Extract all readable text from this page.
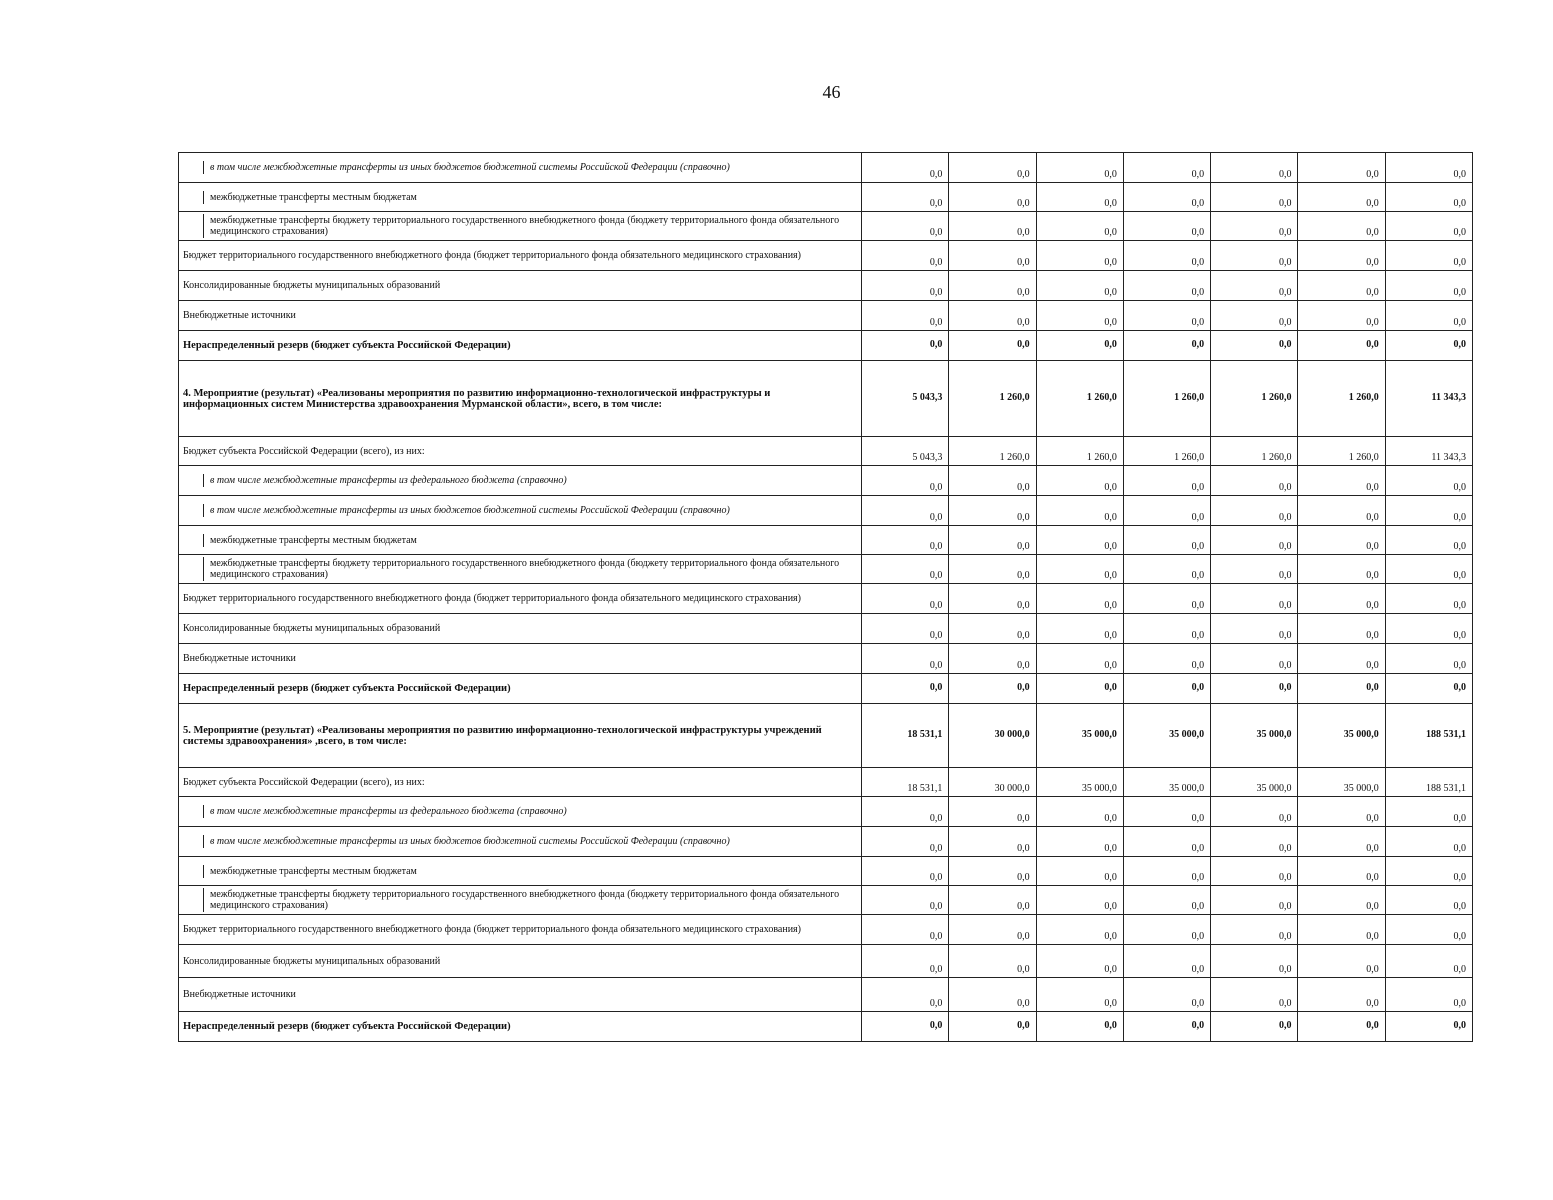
46
в том числе межбюджетные трансферты из иных бюджетов бюджетной системы Российской Федерации (справочно)	0,0	0,0	0,0	0,0	0,0	0,0	0,0

межбюджетные трансферты местным бюджетам	0,0	0,0	0,0	0,0	0,0	0,0	0,0

межбюджетные трансферты бюджету территориального государственного внебюджетного фонда (бюджету территориального фонда обязательного медицинского страхования)	0,0	0,0	0,0	0,0	0,0	0,0	0,0

Бюджет территориального государственного внебюджетного фонда (бюджет территориального фонда обязательного медицинского страхования)	0,0	0,0	0,0	0,0	0,0	0,0	0,0

Консолидированные бюджеты муниципальных образований	0,0	0,0	0,0	0,0	0,0	0,0	0,0

Внебюджетные источники	0,0	0,0	0,0	0,0	0,0	0,0	0,0

Нераспределенный резерв (бюджет субъекта Российской Федерации)	0,0	0,0	0,0	0,0	0,0	0,0	0,0

4. Мероприятие (результат) «Реализованы мероприятия по развитию информационно-технологической инфраструктуры и информационных систем Министерства здравоохранения Мурманской области», всего, в том числе:	5 043,3	1 260,0	1 260,0	1 260,0	1 260,0	1 260,0	11 343,3

Бюджет субъекта Российской Федерации (всего), из них:	5 043,3	1 260,0	1 260,0	1 260,0	1 260,0	1 260,0	11 343,3

в том числе межбюджетные трансферты из федерального бюджета (справочно)	0,0	0,0	0,0	0,0	0,0	0,0	0,0

в том числе межбюджетные трансферты из иных бюджетов бюджетной системы Российской Федерации (справочно)	0,0	0,0	0,0	0,0	0,0	0,0	0,0

межбюджетные трансферты местным бюджетам	0,0	0,0	0,0	0,0	0,0	0,0	0,0

межбюджетные трансферты бюджету территориального государственного внебюджетного фонда (бюджету территориального фонда обязательного медицинского страхования)	0,0	0,0	0,0	0,0	0,0	0,0	0,0

Бюджет территориального государственного внебюджетного фонда (бюджет территориального фонда обязательного медицинского страхования)	0,0	0,0	0,0	0,0	0,0	0,0	0,0

Консолидированные бюджеты муниципальных образований	0,0	0,0	0,0	0,0	0,0	0,0	0,0

Внебюджетные источники	0,0	0,0	0,0	0,0	0,0	0,0	0,0

Нераспределенный резерв (бюджет субъекта Российской Федерации)	0,0	0,0	0,0	0,0	0,0	0,0	0,0

5. Мероприятие (результат) «Реализованы мероприятия по развитию информационно-технологической инфраструктуры учреждений системы здравоохранения» ,всего, в том числе:	18 531,1	30 000,0	35 000,0	35 000,0	35 000,0	35 000,0	188 531,1

Бюджет субъекта Российской Федерации (всего), из них:	18 531,1	30 000,0	35 000,0	35 000,0	35 000,0	35 000,0	188 531,1

в том числе межбюджетные трансферты из федерального бюджета (справочно)	0,0	0,0	0,0	0,0	0,0	0,0	0,0

в том числе межбюджетные трансферты из иных бюджетов бюджетной системы Российской Федерации (справочно)	0,0	0,0	0,0	0,0	0,0	0,0	0,0

межбюджетные трансферты местным бюджетам	0,0	0,0	0,0	0,0	0,0	0,0	0,0

межбюджетные трансферты бюджету территориального государственного внебюджетного фонда (бюджету территориального фонда обязательного медицинского страхования)	0,0	0,0	0,0	0,0	0,0	0,0	0,0

Бюджет территориального государственного внебюджетного фонда (бюджет территориального фонда обязательного медицинского страхования)	0,0	0,0	0,0	0,0	0,0	0,0	0,0

Консолидированные бюджеты муниципальных образований	0,0	0,0	0,0	0,0	0,0	0,0	0,0

Внебюджетные источники	0,0	0,0	0,0	0,0	0,0	0,0	0,0

Нераспределенный резерв (бюджет субъекта Российской Федерации)	0,0	0,0	0,0	0,0	0,0	0,0	0,0
